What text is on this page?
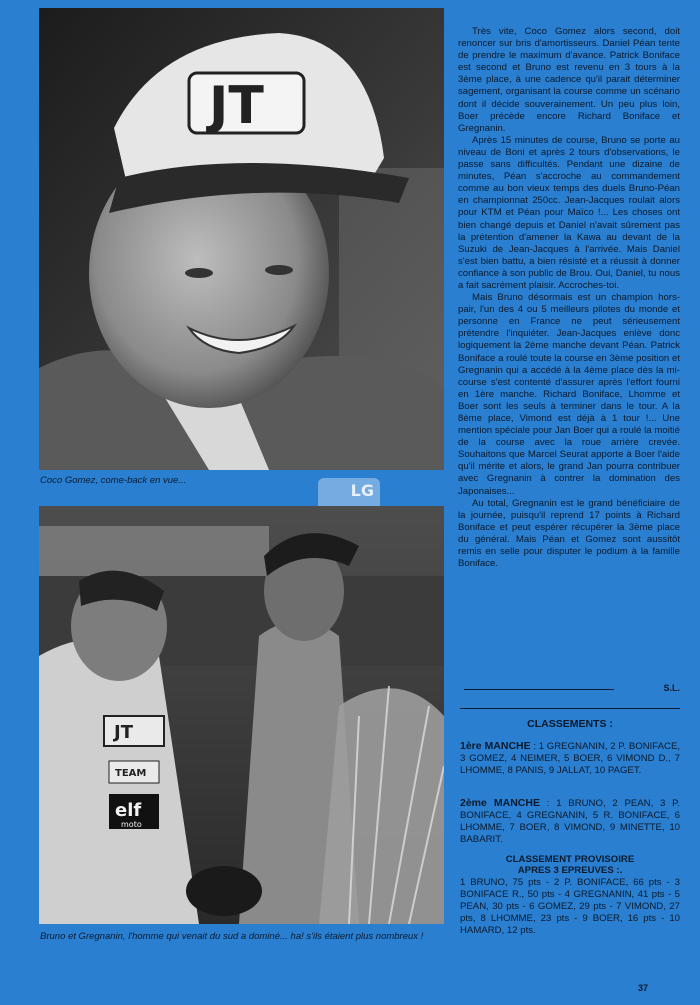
JT
Coco Gomez, come-back en vue...
LG

JT
TEAM
elf
moto
Bruno et Gregnanin, l'homme qui venait du sud a dominé... ha! s'ils étaient plus nombreux !

Très vite, Coco Gomez alors second, doit renoncer sur bris d'amortisseurs. Daniel Péan tente de prendre le maximum d'avance. Patrick Boniface est second et Bruno est revenu en 3 tours à la 3ème place, à une cadence qu'il parait déterminer sagement, organisant la course comme un scénario dont il décide souverainement. Un peu plus loin, Boer précède encore Richard Boniface et Gregnanin.

Après 15 minutes de course, Bruno se porte au niveau de Boni et après 2 tours d'observations, le passe sans difficultés. Pendant une dizaine de minutes, Péan s'accroche au commandement comme au bon vieux temps des duels Bruno-Péan en championnat 250cc. Jean-Jacques roulait alors pour KTM et Péan pour Maïco !... Les choses ont bien changé depuis et Daniel n'avait sûrement pas la prétention d'amener la Kawa au devant de la Suzuki de Jean-Jacques à l'arrivée. Mais Daniel s'est bien battu, a bien résisté et a réussit à donner confiance à son public de Brou. Oui, Daniel, tu nous a fait sacrément plaisir. Accroches-toi.

Mais Bruno désormais est un champion hors-pair, l'un des 4 ou 5 meilleurs pilotes du monde et personne en France ne peut sérieusement prétendre l'inquiéter. Jean-Jacques enlève donc logiquement la 2ème manche devant Péan. Patrick Boniface a roulé toute la course en 3ème position et Gregnanin qui a accédé à la 4ème place dès la mi-course s'est contenté d'assurer après l'effort fourni en 1ère manche. Richard Boniface, Lhomme et Boer sont les seuls à terminer dans le tour. A la 8ème place, Vimond est déjà à 1 tour !... Une mention spéciale pour Jan Boer qui a roulé la moitié de la course avec la roue arrière crevée. Souhaitons que Marcel Seurat apporte à Boer l'aide qu'il mérite et alors, le grand Jan pourra contribuer avec Gregnanin à contrer la domination des Japonaises...

Au total, Gregnanin est le grand bénéficiaire de la journée, puisqu'il reprend 17 points à Richard Boniface et peut espérer récupérer la 3ème place du général. Mais Péan et Gomez sont aussitôt remis en selle pour disputer le podium à la famille Boniface.

S.L.
CLASSEMENTS :
1ère MANCHE : 1 GREGNANIN, 2 P. BONIFACE, 3 GOMEZ, 4 NEIMER, 5 BOER, 6 VIMOND D., 7 LHOMME, 8 PANIS, 9 JALLAT, 10 PAGET.
2ème MANCHE : 1 BRUNO, 2 PEAN, 3 P. BONIFACE, 4 GREGNANIN, 5 R. BONIFACE, 6 LHOMME, 7 BOER, 8 VIMOND, 9 MINETTE, 10 BABARIT.
CLASSEMENT PROVISOIRE
APRES 3 EPREUVES :.
1 BRUNO, 75 pts - 2 P. BONIFACE, 66 pts - 3 BONIFACE R., 50 pts - 4 GREGNANIN, 41 pts - 5 PEAN, 30 pts - 6 GOMEZ, 29 pts - 7 VIMOND, 27 pts, 8 LHOMME, 23 pts - 9 BOER, 16 pts - 10 HAMARD, 12 pts.
37
